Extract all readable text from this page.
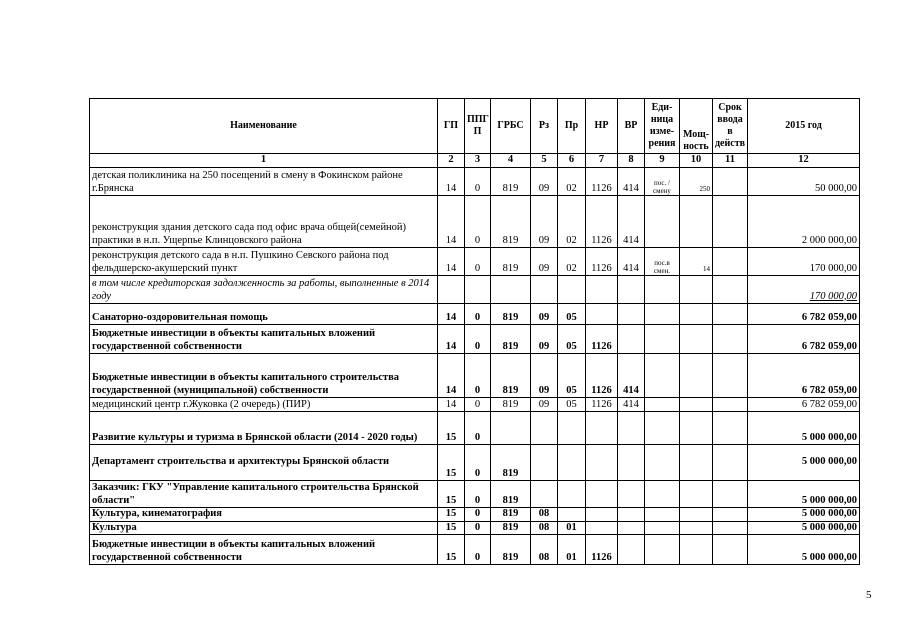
Наименование	ГП	ППГ П	ГРБС	Рз	Пр	НР	ВР	Еди- ница изме- рения	Мощ- ность	Срок ввода в действ	2015 год
1	2	3	4	5	6	7	8	9	10	11	12
детская поликлиника на 250 посещений в смену в Фокинском районе г.Брянска	14	0	819	09	02	1126	414	пос. / смену	250		50 000,00
реконструкция здания детского сада под офис врача общей(семейной) практики в н.п. Ущерпье Клинцовского района	14	0	819	09	02	1126	414				2 000 000,00
реконструкция детского сада в н.п. Пушкино Севского района под фельдшерско-акушерский пункт	14	0	819	09	02	1126	414	пос.в смен.	14		170 000,00
в том числе кредиторская задолженность за работы, выполненные в 2014 году											170 000,00
Санаторно-оздоровительная помощь	14	0	819	09	05						6 782 059,00
Бюджетные инвестиции в объекты капитальных вложений государственной собственности	14	0	819	09	05	1126					6 782 059,00
Бюджетные инвестиции в объекты капитального строительства государственной (муниципальной) собственности	14	0	819	09	05	1126	414				6 782 059,00
медицинский центр г.Жуковка (2 очередь) (ПИР)	14	0	819	09	05	1126	414				6 782 059,00
Развитие культуры и туризма в Брянской области (2014 - 2020 годы)	15	0									5 000 000,00
Департамент строительства и архитектуры Брянской области	15	0	819								5 000 000,00
Заказчик: ГКУ "Управление капитального строительства Брянской области"	15	0	819								5 000 000,00
Культура, кинематография	15	0	819	08							5 000 000,00
Культура	15	0	819	08	01						5 000 000,00
Бюджетные инвестиции в объекты капитальных вложений государственной собственности	15	0	819	08	01	1126					5 000 000,00
5
